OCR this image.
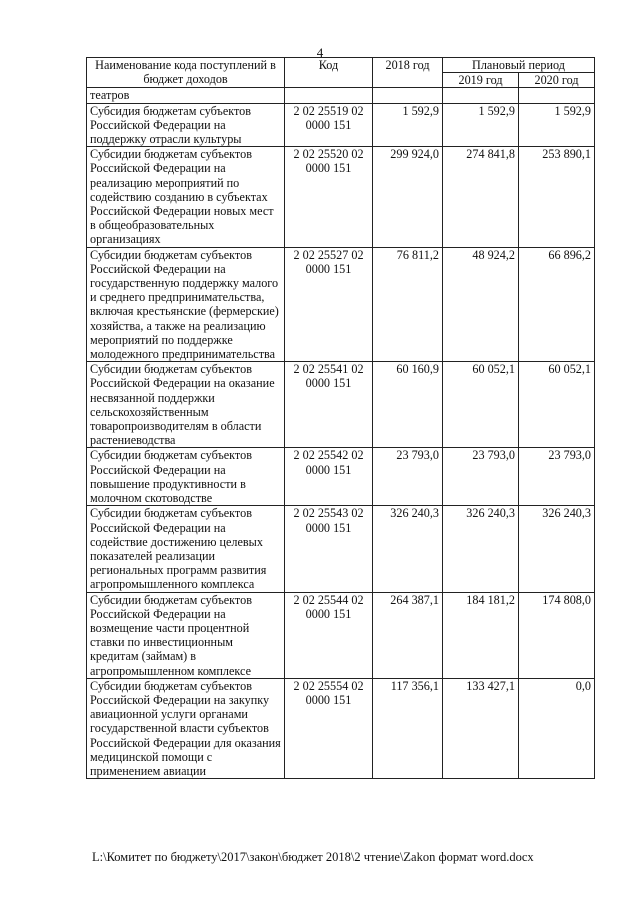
4
Наименование кода поступлений в бюджет доходов	Код	2018 год	Плановый период	
			2019 год	2020 год
театров				
Субсидия бюджетам субъектов Российской Федерации на поддержку отрасли культуры	2 02 25519 02 0000 151	1 592,9	1 592,9	1 592,9
Субсидии бюджетам субъектов Российской Федерации на реализацию мероприятий по содействию созданию в субъектах Российской Федерации новых мест в общеобразовательных организациях	2 02 25520 02 0000 151	299 924,0	274 841,8	253 890,1
Субсидии бюджетам субъектов Российской Федерации на государственную поддержку малого и среднего предпринимательства, включая крестьянские (фермерские) хозяйства, а также на реализацию мероприятий по поддержке молодежного предпринимательства	2 02 25527 02 0000 151	76 811,2	48 924,2	66 896,2
Субсидии бюджетам субъектов Российской Федерации на оказание несвязанной поддержки сельскохозяйственным товаропроизводителям в области растениеводства	2 02 25541 02 0000 151	60 160,9	60 052,1	60 052,1
Субсидии бюджетам субъектов Российской Федерации на повышение продуктивности в молочном скотоводстве	2 02 25542 02 0000 151	23 793,0	23 793,0	23 793,0
Субсидии бюджетам субъектов Российской Федерации на содействие достижению целевых показателей реализации региональных программ развития агропромышленного комплекса	2 02 25543 02 0000 151	326 240,3	326 240,3	326 240,3
Субсидии бюджетам субъектов Российской Федерации на возмещение части процентной ставки по инвестиционным кредитам (займам) в агропромышленном комплексе	2 02 25544 02 0000 151	264 387,1	184 181,2	174 808,0
Субсидии бюджетам субъектов Российской Федерации на закупку авиационной услуги органами государственной власти субъектов Российской Федерации для оказания медицинской помощи с применением авиации	2 02 25554 02 0000 151	117 356,1	133 427,1	0,0
L:\Комитет по бюджету\2017\закон\бюджет 2018\2 чтение\Zakon формат word.docx
